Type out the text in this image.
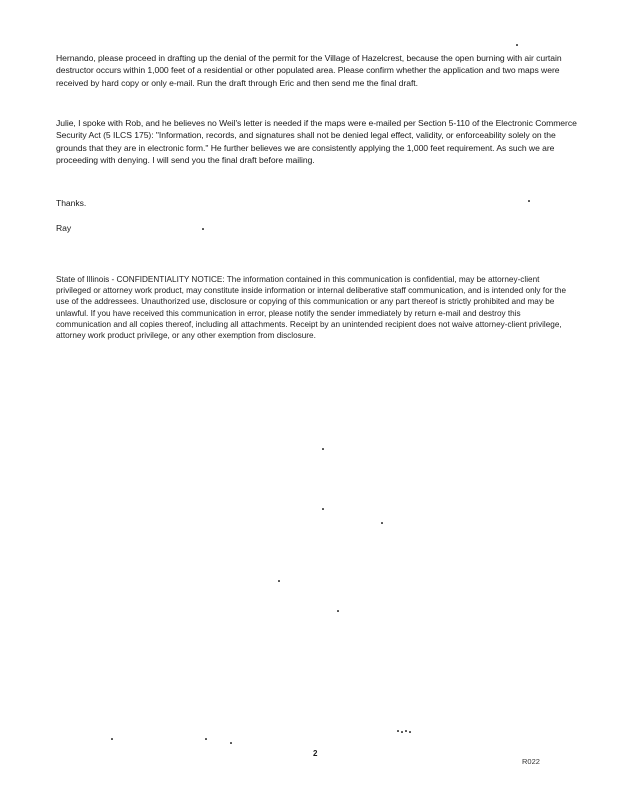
Hernando, please proceed in drafting up the denial of the permit for the Village of Hazelcrest, because the open burning with air curtain destructor occurs within 1,000 feet of a residential or other populated area. Please confirm whether the application and two maps were received by hard copy or only e-mail. Run the draft through Eric and then send me the final draft.

Julie, I spoke with Rob, and he believes no Weil's letter is needed if the maps were e-mailed per Section 5-110 of the Electronic Commerce Security Act (5 ILCS 175): "Information, records, and signatures shall not be denied legal effect, validity, or enforceability solely on the grounds that they are in electronic form." He further believes we are consistently applying the 1,000 feet requirement. As such we are proceeding with denying. I will send you the final draft before mailing.

Thanks.

Ray

State of Illinois - CONFIDENTIALITY NOTICE: The information contained in this communication is confidential, may be attorney-client privileged or attorney work product, may constitute inside information or internal deliberative staff communication, and is intended only for the use of the addressees. Unauthorized use, disclosure or copying of this communication or any part thereof is strictly prohibited and may be unlawful. If you have received this communication in error, please notify the sender immediately by return e-mail and destroy this communication and all copies thereof, including all attachments. Receipt by an unintended recipient does not waive attorney-client privilege, attorney work product privilege, or any other exemption from disclosure.

2

R022
